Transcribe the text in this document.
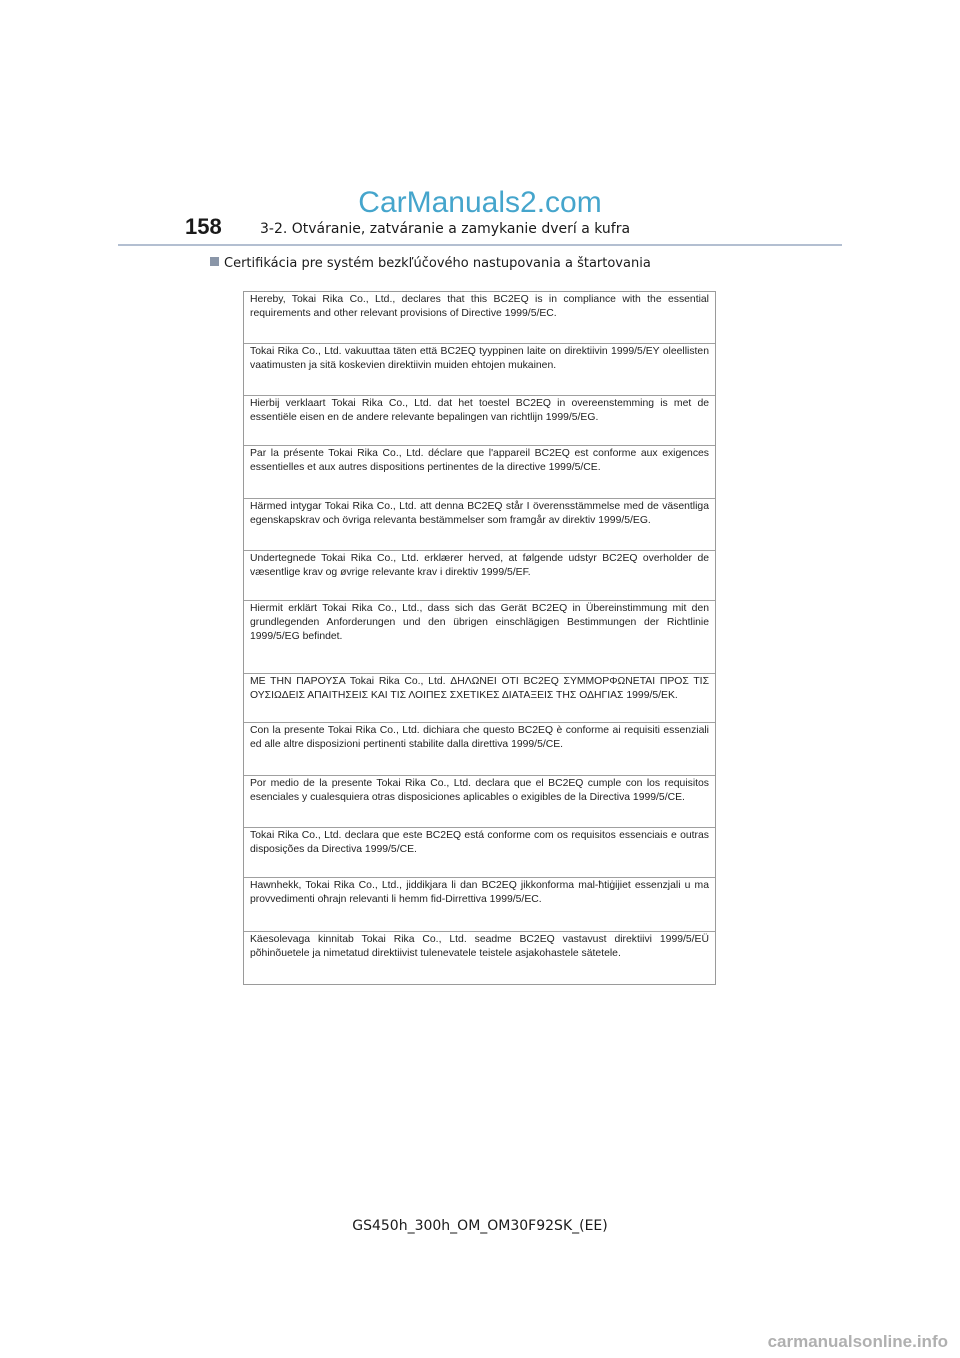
CarManuals2.com
158	3-2. Otváranie, zatváranie a zamykanie dverí a kufra
Certifikácia pre systém bezkľúčového nastupovania a štartovania
Hereby, Tokai Rika Co., Ltd., declares that this BC2EQ is in compliance with the essential requirements and other relevant provisions of Directive 1999/5/EC.
Tokai Rika Co., Ltd. vakuuttaa täten että BC2EQ tyyppinen laite on direktiivin 1999/5/EY oleellisten vaatimusten ja sitä koskevien direktiivin muiden ehtojen mukainen.
Hierbij verklaart Tokai Rika Co., Ltd. dat het toestel BC2EQ in overeenstemming is met de essentiële eisen en de andere relevante bepalingen van richtlijn 1999/5/EG.
Par la présente Tokai Rika Co., Ltd. déclare que l'appareil BC2EQ est conforme aux exigences essentielles et aux autres dispositions pertinentes de la directive 1999/5/CE.
Härmed intygar Tokai Rika Co., Ltd. att denna BC2EQ står I överensstämmelse med de väsentliga egenskapskrav och övriga relevanta bestämmelser som framgår av direktiv 1999/5/EG.
Undertegnede Tokai Rika Co., Ltd. erklærer herved, at følgende udstyr BC2EQ overholder de væsentlige krav og øvrige relevante krav i direktiv 1999/5/EF.
Hiermit erklärt Tokai Rika Co., Ltd., dass sich das Gerät BC2EQ in Übereinstimmung mit den grundlegenden Anforderungen und den übrigen einschlägigen Bestimmungen der Richtlinie 1999/5/EG befindet.
ΜΕ ΤΗΝ ΠΑΡΟΥΣΑ Tokai Rika Co., Ltd. ΔΗΛΩΝΕΙ ΟΤΙ BC2EQ ΣΥΜΜΟΡΦΩΝΕΤΑΙ ΠΡΟΣ ΤΙΣ ΟΥΣΙΩΔΕΙΣ ΑΠΑΙΤΗΣΕΙΣ ΚΑΙ ΤΙΣ ΛΟΙΠΕΣ ΣΧΕΤΙΚΕΣ ΔΙΑΤΑΞΕΙΣ ΤΗΣ ΟΔΗΓΙΑΣ 1999/5/ΕΚ.
Con la presente Tokai Rika Co., Ltd. dichiara che questo BC2EQ è conforme ai requisiti essenziali ed alle altre disposizioni pertinenti stabilite dalla direttiva 1999/5/CE.
Por medio de la presente Tokai Rika Co., Ltd. declara que el BC2EQ cumple con los requisitos esenciales y cualesquiera otras disposiciones aplicables o exigibles de la Directiva 1999/5/CE.
Tokai Rika Co., Ltd. declara que este BC2EQ está conforme com os requisitos essenciais e outras disposições da Directiva 1999/5/CE.
Hawnhekk, Tokai Rika Co., Ltd., jiddikjara li dan BC2EQ jikkonforma mal-ħtiġijiet essenzjali u ma provvedimenti oħrajn relevanti li hemm fid-Dirrettiva 1999/5/EC.
Käesolevaga kinnitab Tokai Rika Co., Ltd. seadme BC2EQ vastavust direktiivi 1999/5/EÜ põhinõuetele ja nimetatud direktiivist tulenevatele teistele asjakohastele sätetele.
GS450h_300h_OM_OM30F92SK_(EE)
carmanualsonline.info
